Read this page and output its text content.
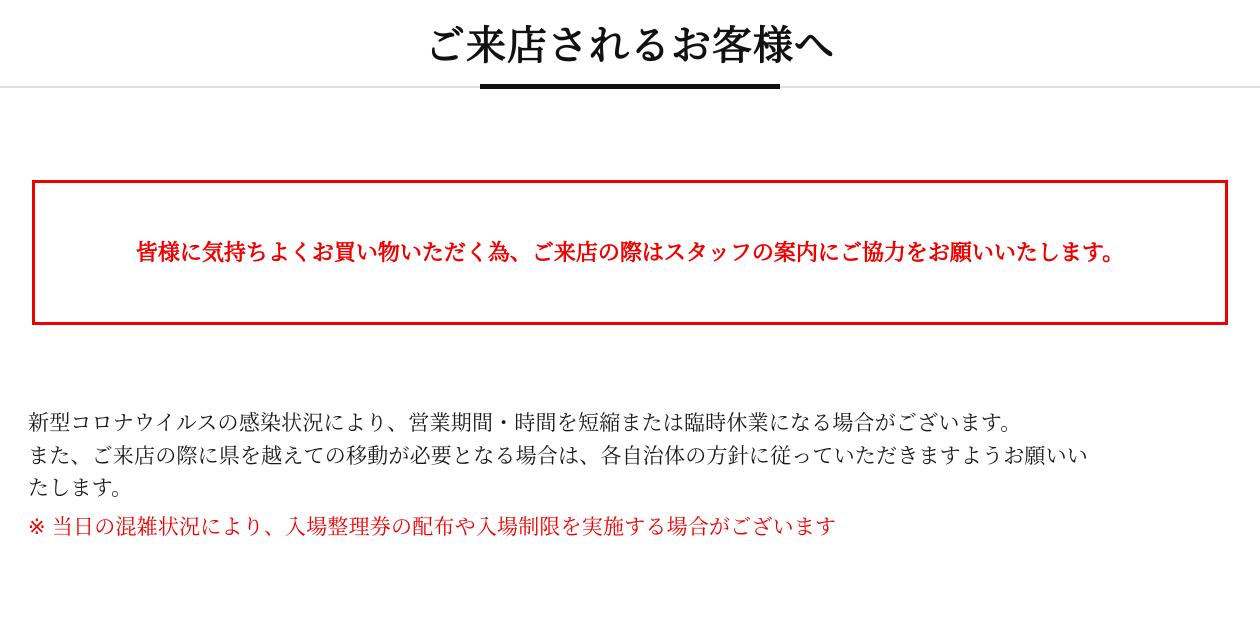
ご来店されるお客様へ
皆様に気持ちよくお買い物いただく為、ご来店の際はスタッフの案内にご協力をお願いいたします。

新型コロナウイルスの感染状況により、営業期間・時間を短縮または臨時休業になる場合がございます。

また、ご来店の際に県を越えての移動が必要となる場合は、各自治体の方針に従っていただきますようお願いい

たします。

※ 当日の混雑状況により、入場整理券の配布や入場制限を実施する場合がございます
